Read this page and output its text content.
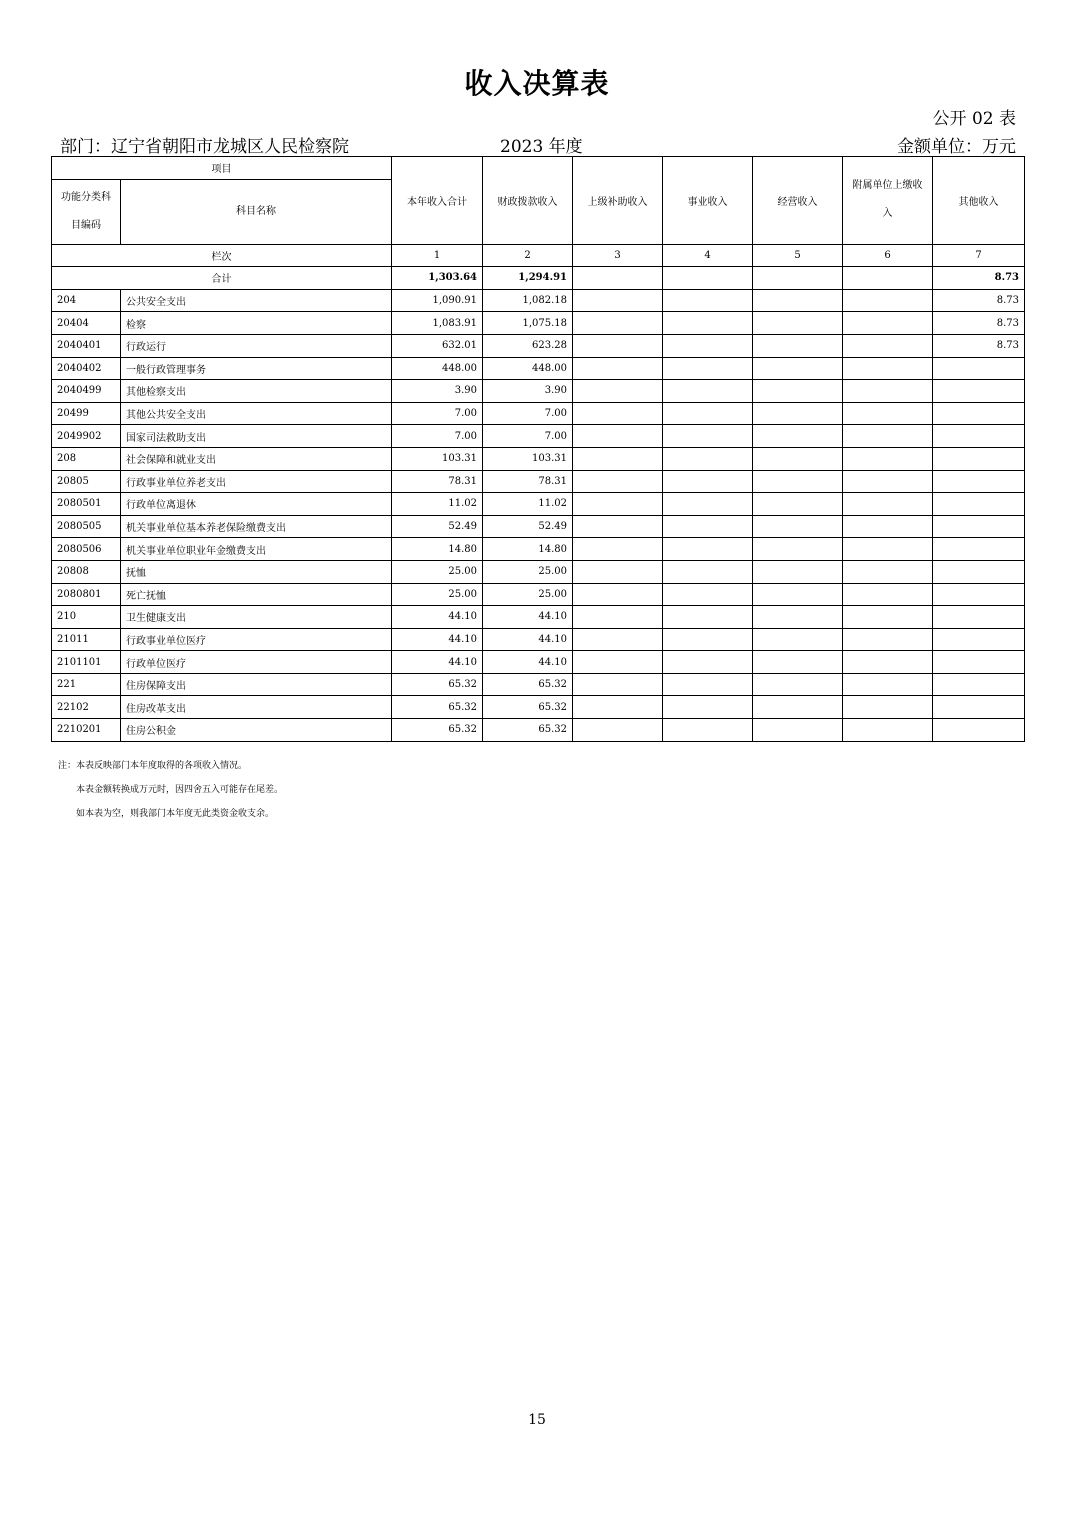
收入决算表
公开 02 表
部门：辽宁省朝阳市龙城区人民检察院	2023 年度	金额单位：万元
项目		本年收入合计	财政拨款收入	上级补助收入	事业收入	经营收入	附属单位上缴收入	其他收入
功能分类科目编码	科目名称							
栏次		1	2	3	4	5	6	7
合计		1,303.64	1,294.91					8.73
204	公共安全支出	1,090.91	1,082.18					8.73
20404	检察	1,083.91	1,075.18					8.73
2040401	行政运行	632.01	623.28					8.73
2040402	一般行政管理事务	448.00	448.00					
2040499	其他检察支出	3.90	3.90					
20499	其他公共安全支出	7.00	7.00					
2049902	国家司法救助支出	7.00	7.00					
208	社会保障和就业支出	103.31	103.31					
20805	行政事业单位养老支出	78.31	78.31					
2080501	行政单位离退休	11.02	11.02					
2080505	机关事业单位基本养老保险缴费支出	52.49	52.49					
2080506	机关事业单位职业年金缴费支出	14.80	14.80					
20808	抚恤	25.00	25.00					
2080801	死亡抚恤	25.00	25.00					
210	卫生健康支出	44.10	44.10					
21011	行政事业单位医疗	44.10	44.10					
2101101	行政单位医疗	44.10	44.10					
221	住房保障支出	65.32	65.32					
22102	住房改革支出	65.32	65.32					
2210201	住房公积金	65.32	65.32					
注：本表反映部门本年度取得的各项收入情况。
本表金额转换成万元时，因四舍五入可能存在尾差。
如本表为空，则我部门本年度无此类资金收支余。
15
